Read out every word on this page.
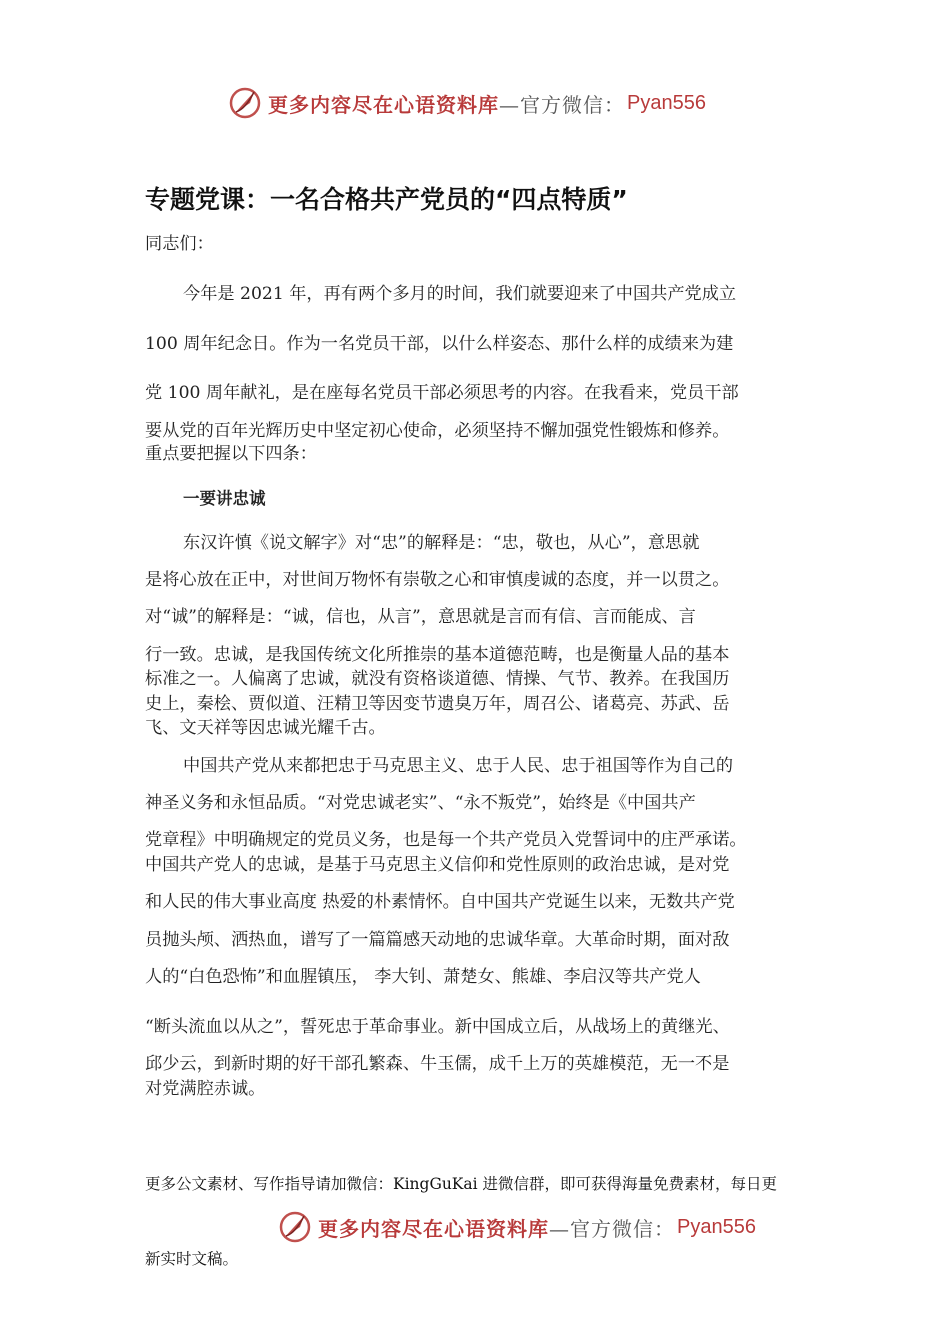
更多内容尽在心语资料库 —官方微信： Pyan556
专题党课：一名合格共产党员的“四点特质”
同志们：
今年是 2021 年，再有两个多月的时间，我们就要迎来了中国共产党成立
100 周年纪念日。作为一名党员干部，以什么样姿态、那什么样的成绩来为建
党 100 周年献礼，是在座每名党员干部必须思考的内容。在我看来，党员干部
要从党的百年光辉历史中坚定初心使命，必须坚持不懈加强党性锻炼和修养。
重点要把握以下四条：
一要讲忠诚
东汉许慎《说文解字》对“忠”的解释是：“忠，敬也，从心”，意思就
是将心放在正中，对世间万物怀有崇敬之心和审慎虔诚的态度，并一以贯之。
对“诚”的解释是：“诚，信也，从言”，意思就是言而有信、言而能成、言
行一致。忠诚，是我国传统文化所推崇的基本道德范畴，也是衡量人品的基本
标准之一。人偏离了忠诚，就没有资格谈道德、情操、气节、教养。在我国历
史上，秦桧、贾似道、汪精卫等因变节遗臭万年，周召公、诸葛亮、苏武、岳
飞、文天祥等因忠诚光耀千古。
中国共产党从来都把忠于马克思主义、忠于人民、忠于祖国等作为自己的
神圣义务和永恒品质。“对党忠诚老实”、“永不叛党”，始终是《中国共产
党章程》中明确规定的党员义务，也是每一个共产党员入党誓词中的庄严承诺。
中国共产党人的忠诚，是基于马克思主义信仰和党性原则的政治忠诚，是对党
和人民的伟大事业高度 热爱的朴素情怀。自中国共产党诞生以来，无数共产党
员抛头颅、洒热血，谱写了一篇篇感天动地的忠诚华章。大革命时期，面对敌
人的“白色恐怖”和血腥镇压， 李大钊、萧楚女、熊雄、李启汉等共产党人
“断头流血以从之”，誓死忠于革命事业。新中国成立后，从战场上的黄继光、
邱少云，到新时期的好干部孔繁森、牛玉儒，成千上万的英雄模范，无一不是
对党满腔赤诚。
更多公文素材、写作指导请加微信：KingGuKai 进微信群，即可获得海量免费素材，每日更
更多内容尽在心语资料库 —官方微信： Pyan556
新实时文稿。
